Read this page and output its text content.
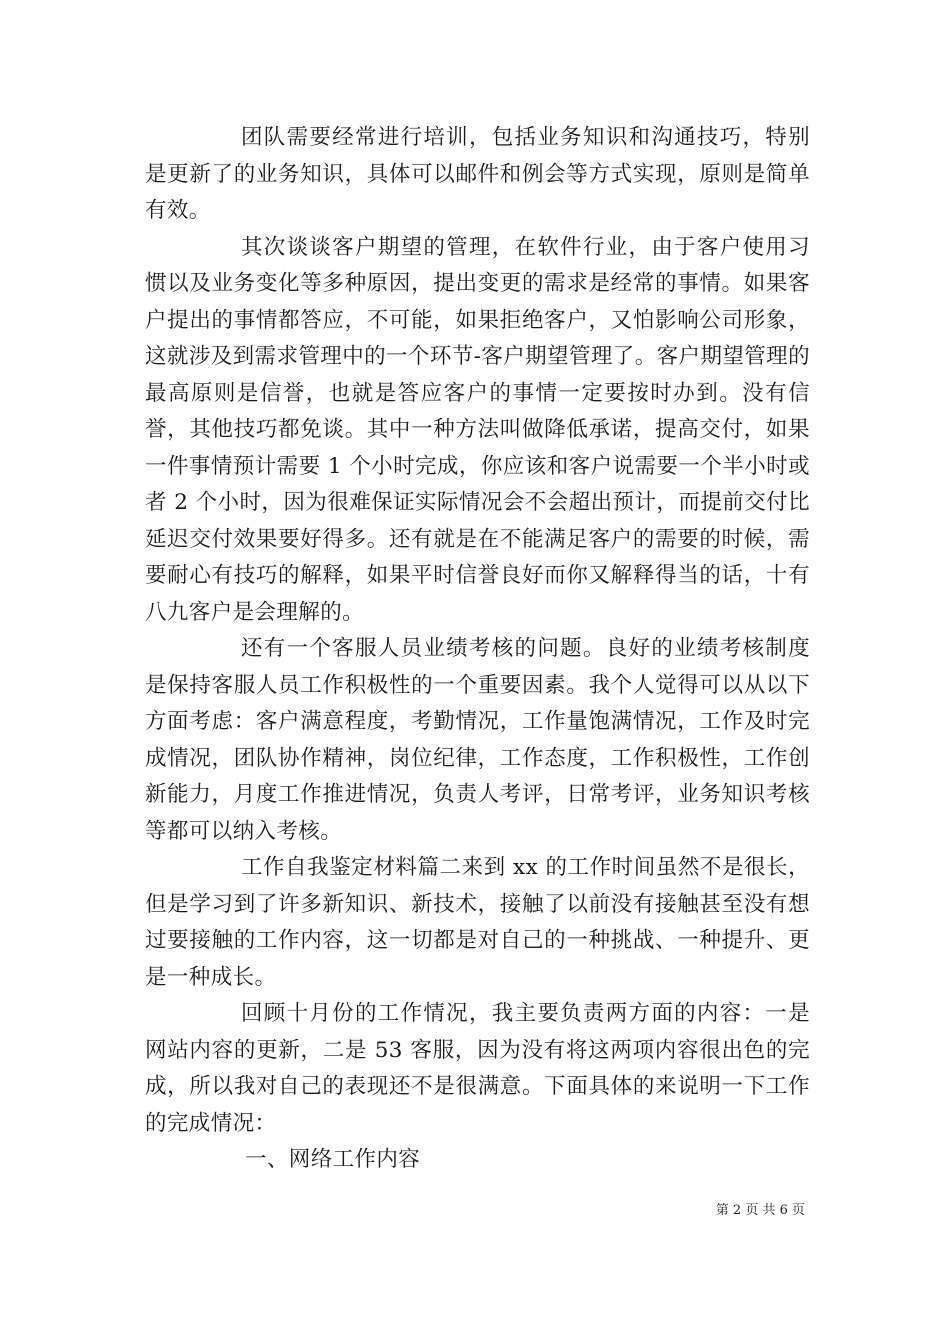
团队需要经常进行培训，包括业务知识和沟通技巧，特别是更新了的业务知识，具体可以邮件和例会等方式实现，原则是简单有效。

其次谈谈客户期望的管理，在软件行业，由于客户使用习惯以及业务变化等多种原因，提出变更的需求是经常的事情。如果客户提出的事情都答应，不可能，如果拒绝客户，又怕影响公司形象，这就涉及到需求管理中的一个环节-客户期望管理了。客户期望管理的最高原则是信誉，也就是答应客户的事情一定要按时办到。没有信誉，其他技巧都免谈。其中一种方法叫做降低承诺，提高交付，如果一件事情预计需要 1 个小时完成，你应该和客户说需要一个半小时或者 2 个小时，因为很难保证实际情况会不会超出预计，而提前交付比延迟交付效果要好得多。还有就是在不能满足客户的需要的时候，需要耐心有技巧的解释，如果平时信誉良好而你又解释得当的话，十有八九客户是会理解的。

还有一个客服人员业绩考核的问题。良好的业绩考核制度是保持客服人员工作积极性的一个重要因素。我个人觉得可以从以下方面考虑：客户满意程度，考勤情况，工作量饱满情况，工作及时完成情况，团队协作精神，岗位纪律，工作态度，工作积极性，工作创新能力，月度工作推进情况，负责人考评，日常考评，业务知识考核等都可以纳入考核。

工作自我鉴定材料篇二来到 xx 的工作时间虽然不是很长，但是学习到了许多新知识、新技术，接触了以前没有接触甚至没有想过要接触的工作内容，这一切都是对自己的一种挑战、一种提升、更是一种成长。

回顾十月份的工作情况，我主要负责两方面的内容：一是网站内容的更新，二是 53 客服，因为没有将这两项内容很出色的完成，所以我对自己的表现还不是很满意。下面具体的来说明一下工作的完成情况：

一、网络工作内容

第 2 页 共 6 页
